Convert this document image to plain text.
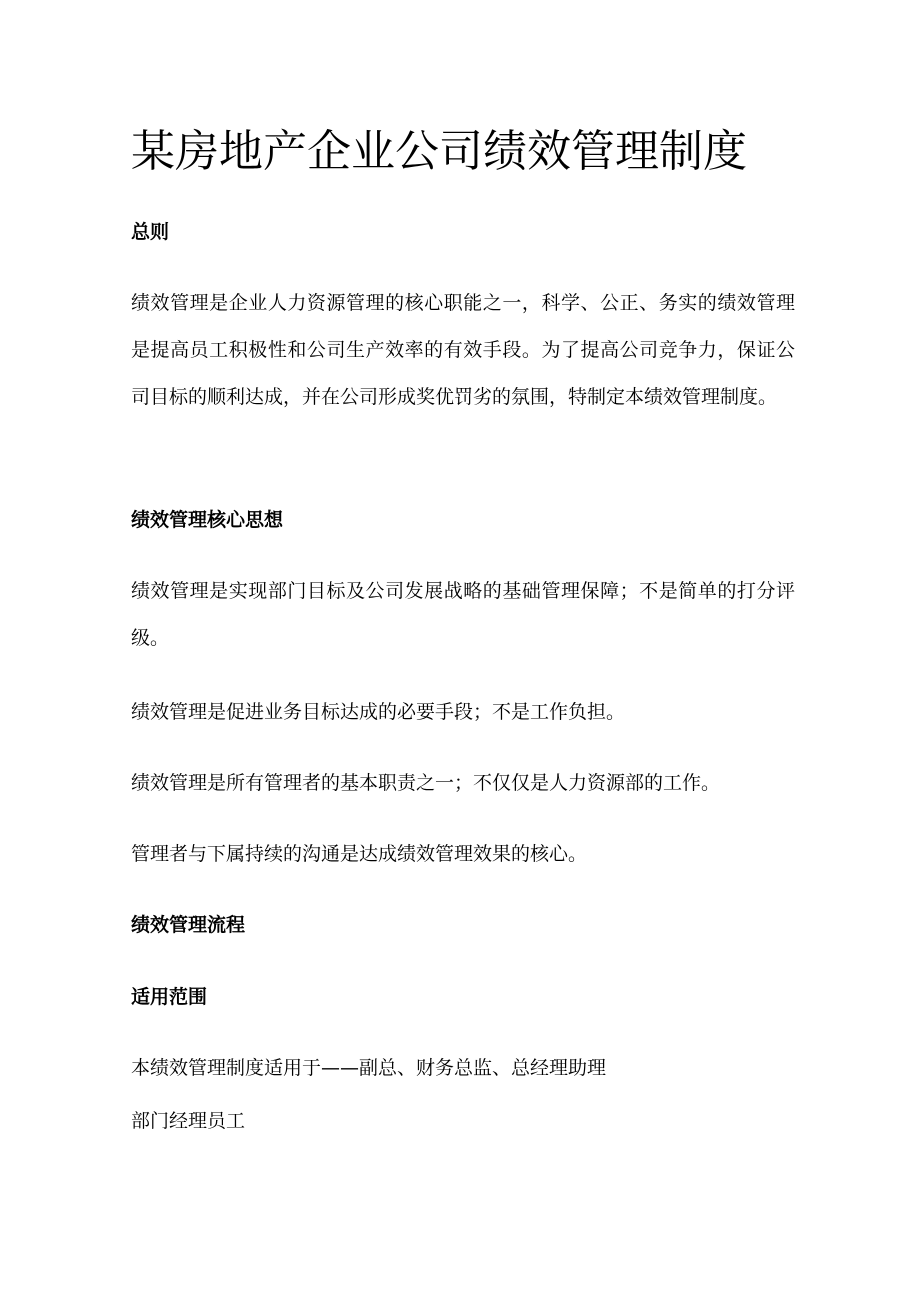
某房地产企业公司绩效管理制度
总则

绩效管理是企业人力资源管理的核心职能之一，科学、公正、务实的绩效管理是提高员工积极性和公司生产效率的有效手段。为了提高公司竞争力，保证公司目标的顺利达成，并在公司形成奖优罚劣的氛围，特制定本绩效管理制度。

绩效管理核心思想

绩效管理是实现部门目标及公司发展战略的基础管理保障；不是简单的打分评级。

绩效管理是促进业务目标达成的必要手段；不是工作负担。

绩效管理是所有管理者的基本职责之一；不仅仅是人力资源部的工作。

管理者与下属持续的沟通是达成绩效管理效果的核心。

绩效管理流程
适用范围

本绩效管理制度适用于——副总、财务总监、总经理助理

部门经理员工
